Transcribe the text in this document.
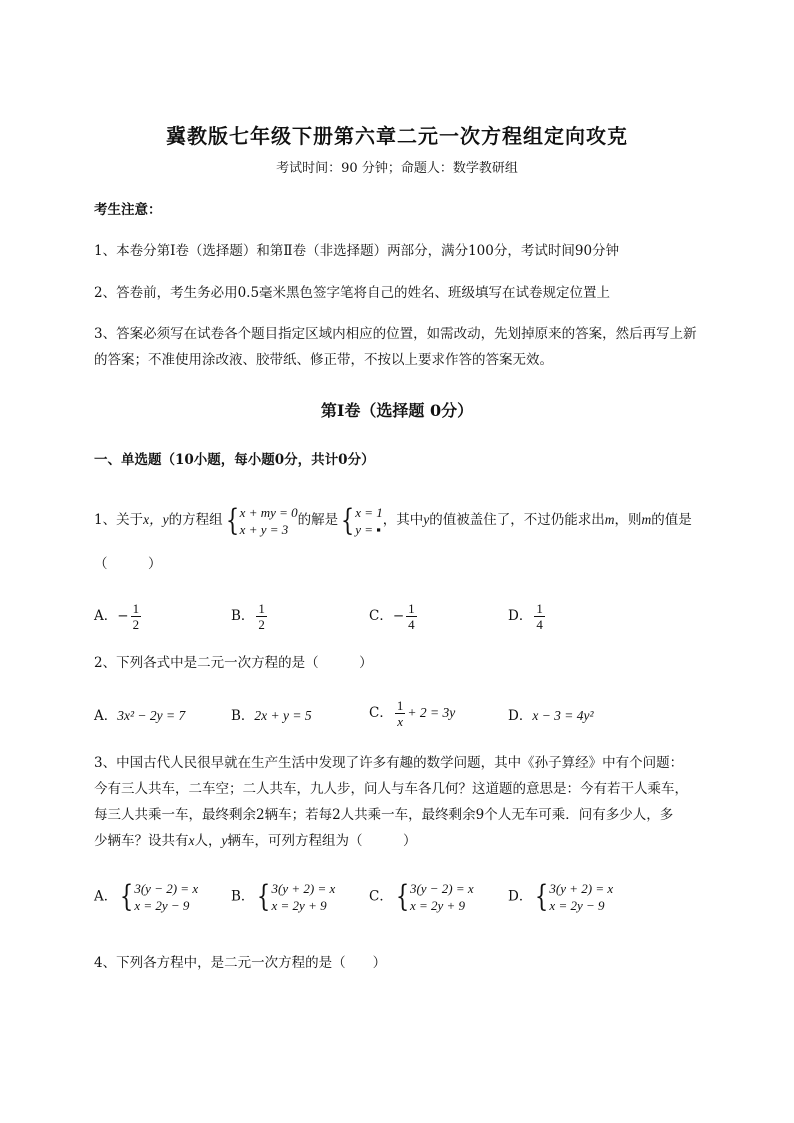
冀教版七年级下册第六章二元一次方程组定向攻克
考试时间：90 分钟；命题人：数学教研组
考生注意：
1、本卷分第I卷（选择题）和第Ⅱ卷（非选择题）两部分，满分100分，考试时间90分钟
2、答卷前，考生务必用0.5毫米黑色签字笔将自己的姓名、班级填写在试卷规定位置上
3、答案必须写在试卷各个题目指定区域内相应的位置，如需改动，先划掉原来的答案，然后再写上新
的答案；不准使用涂改液、胶带纸、修正带，不按以上要求作答的答案无效。
第I卷（选择题 0分）
一、单选题（10小题，每小题0分，共计0分）
1、关于x，y的方程组 { x + my = 0
x + y = 3
的解是 { x = 1
y = ▪
，其中y的值被盖住了，不过仍能求出m，则m的值是
（　　　）
A．− $\frac{1}{2}$	B． $\frac{1}{2}$	C．− $\frac{1}{4}$	D． $\frac{1}{4}$
2、下列各式中是二元一次方程的是（　　　）
A．3x² − 2y = 7	B．2x + y = 5	C． $\frac{1}{x} + 2 = 3y$	D．x − 3 = 4y²
3、中国古代人民很早就在生产生活中发现了许多有趣的数学问题，其中《孙子算经》中有个问题：
今有三人共车，二车空；二人共车，九人步，问人与车各几何？这道题的意思是：今有若干人乘车，
每三人共乘一车，最终剩余2辆车；若每2人共乘一车，最终剩余9个人无车可乘．问有多少人，多
少辆车？设共有x人，y辆车，可列方程组为（　　　）
A． { 3(y − 2) = x
x = 2y − 9
B． { 3(y + 2) = x
x = 2y + 9
C． { 3(y − 2) = x
x = 2y + 9
D． { 3(y + 2) = x
x = 2y − 9
4、下列各方程中，是二元一次方程的是（　　）
